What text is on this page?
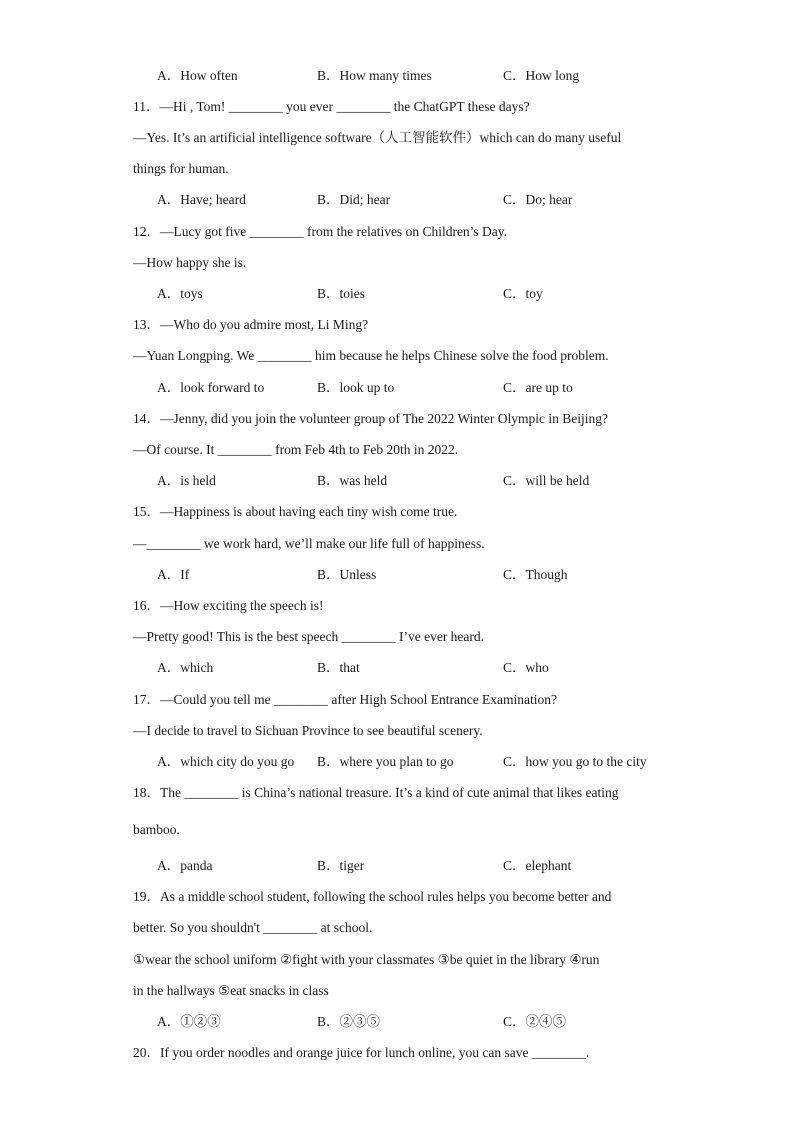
A．How often	B．How many times	C．How long
11．—Hi , Tom! ________ you ever ________ the ChatGPT these days?
—Yes. It’s an artificial intelligence software（人工智能软件）which can do many useful
things for human.
A．Have; heard	B．Did; hear	C．Do; hear
12．—Lucy got five ________ from the relatives on Children’s Day.
—How happy she is.
A．toys	B．toies	C．toy
13．—Who do you admire most, Li Ming?
—Yuan Longping. We ________ him because he helps Chinese solve the food problem.
A．look forward to	B．look up to	C．are up to
14．—Jenny, did you join the volunteer group of The 2022 Winter Olympic in Beijing?
—Of course. It ________ from Feb 4th to Feb 20th in 2022.
A．is held	B．was held	C．will be held
15．—Happiness is about having each tiny wish come true.
—________ we work hard, we’ll make our life full of happiness.
A．If	B．Unless	C．Though
16．—How exciting the speech is!
—Pretty good! This is the best speech ________ I’ve ever heard.
A．which	B．that	C．who
17．—Could you tell me ________ after High School Entrance Examination?
—I decide to travel to Sichuan Province to see beautiful scenery.
A．which city do you go B．where you plan to go	C．how you go to the city
18．The ________ is China’s national treasure. It’s a kind of cute animal that likes eating
bamboo.
A．panda	B．tiger	C．elephant
19．As a middle school student, following the school rules helps you become better and
better. So you shouldn't ________ at school.
①wear the school uniform ②fight with your classmates ③be quiet in the library ④run
in the hallways ⑤eat snacks in class
A．①②③	B．②③⑤	C．②④⑤
20．If you order noodles and orange juice for lunch online, you can save ________.
